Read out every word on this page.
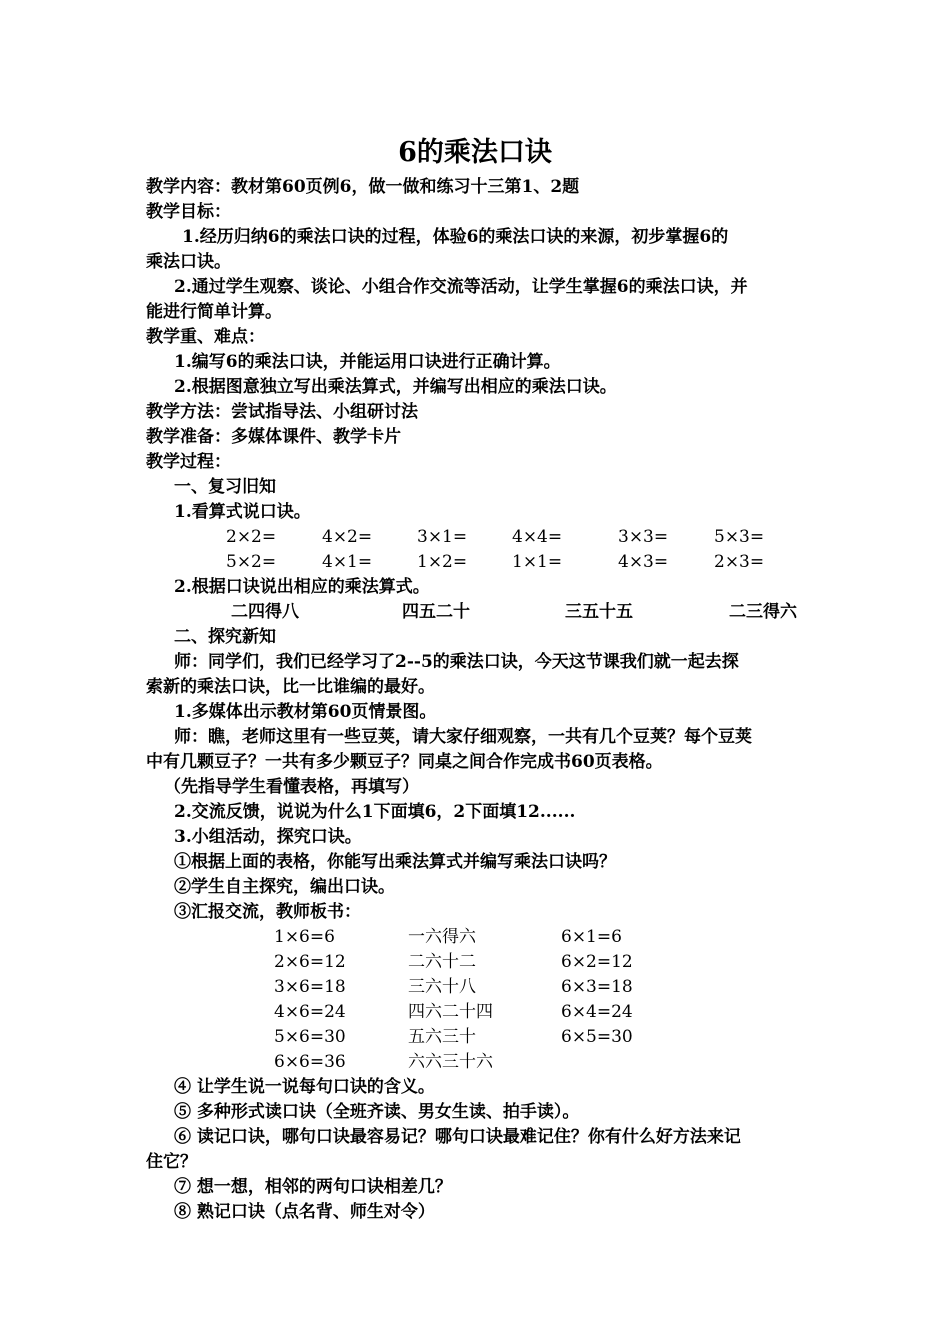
6的乘法口诀
教学内容：教材第60页例6，做一做和练习十三第1、2题
教学目标：
1.经历归纳6的乘法口诀的过程，体验6的乘法口诀的来源，初步掌握6的
乘法口诀。
2.通过学生观察、谈论、小组合作交流等活动，让学生掌握6的乘法口诀，并
能进行简单计算。
教学重、难点：
1.编写6的乘法口诀，并能运用口诀进行正确计算。
2.根据图意独立写出乘法算式，并编写出相应的乘法口诀。
教学方法：尝试指导法、小组研讨法
教学准备：多媒体课件、教学卡片
教学过程：
一、复习旧知
1.看算式说口诀。
2×2=	4×2=	3×1=	4×4=	3×3=	5×3=
5×2=	4×1=	1×2=	1×1=	4×3=	2×3=
2.根据口诀说出相应的乘法算式。
二四得八	四五二十	三五十五	二三得六
二、探究新知
师：同学们，我们已经学习了2--5的乘法口诀，今天这节课我们就一起去探
索新的乘法口诀，比一比谁编的最好。
1.多媒体出示教材第60页情景图。
师：瞧，老师这里有一些豆荚，请大家仔细观察，一共有几个豆荚？每个豆荚
中有几颗豆子？一共有多少颗豆子？同桌之间合作完成书60页表格。
（先指导学生看懂表格，再填写）
2.交流反馈，说说为什么1下面填6，2下面填12......
3.小组活动，探究口诀。
①根据上面的表格，你能写出乘法算式并编写乘法口诀吗？
②学生自主探究，编出口诀。
③汇报交流，教师板书：
1×6=6	一六得六	6×1=6
2×6=12	二六十二	6×2=12
3×6=18	三六十八	6×3=18
4×6=24	四六二十四	6×4=24
5×6=30	五六三十	6×5=30
6×6=36	六六三十六
④ 让学生说一说每句口诀的含义。
⑤ 多种形式读口诀（全班齐读、男女生读、拍手读）。
⑥ 读记口诀，哪句口诀最容易记？哪句口诀最难记住？你有什么好方法来记
住它？
⑦ 想一想，相邻的两句口诀相差几？
⑧ 熟记口诀（点名背、师生对令）
